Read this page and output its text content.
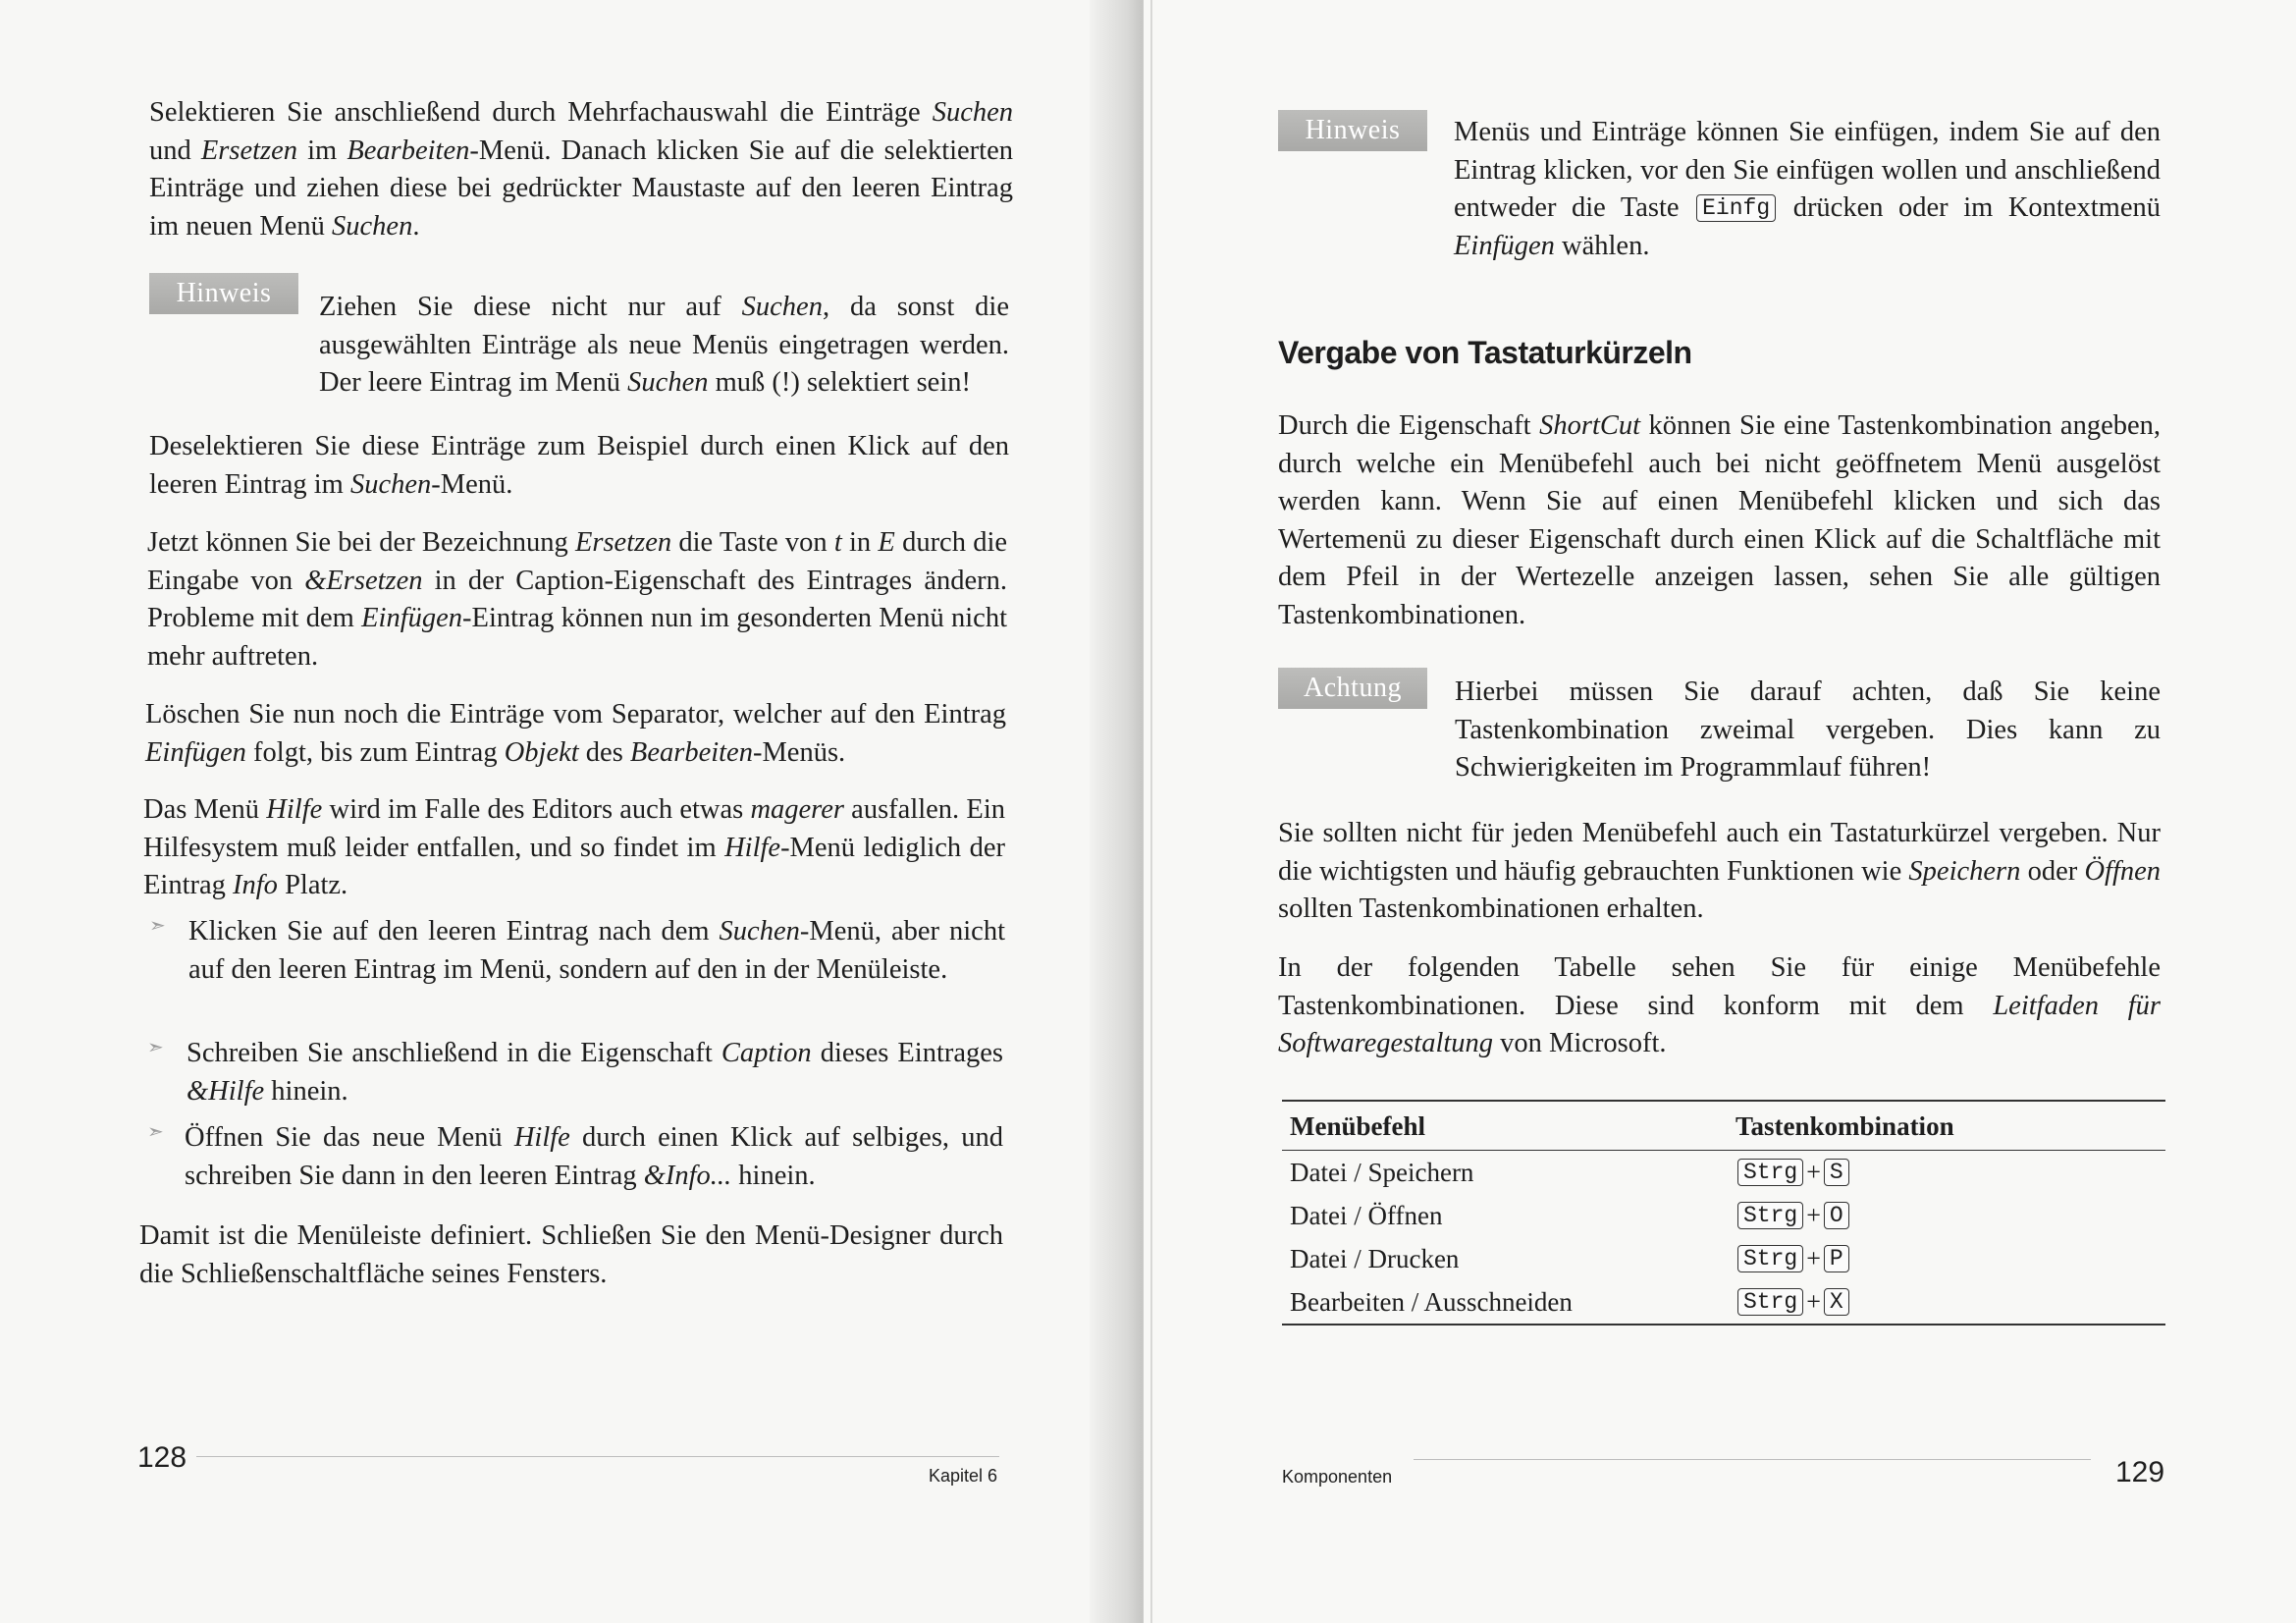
Selektieren Sie anschließend durch Mehrfachauswahl die Einträge Suchen und Ersetzen im Bearbeiten-Menü. Danach klicken Sie auf die selektierten Einträge und ziehen diese bei gedrückter Maustaste auf den leeren Eintrag im neuen Menü Suchen.

Hinweis	Ziehen Sie diese nicht nur auf Suchen, da sonst die ausgewählten Einträge als neue Menüs eingetragen werden. Der leere Eintrag im Menü Suchen muß (!) selektiert sein!

Deselektieren Sie diese Einträge zum Beispiel durch einen Klick auf den leeren Eintrag im Suchen-Menü.

Jetzt können Sie bei der Bezeichnung Ersetzen die Taste von t in E durch die Eingabe von &Ersetzen in der Caption-Eigenschaft des Eintrages ändern. Probleme mit dem Einfügen-Eintrag können nun im gesonderten Menü nicht mehr auftreten.

Löschen Sie nun noch die Einträge vom Separator, welcher auf den Eintrag Einfügen folgt, bis zum Eintrag Objekt des Bearbeiten-Menüs.

Das Menü Hilfe wird im Falle des Editors auch etwas magerer ausfallen. Ein Hilfesystem muß leider entfallen, und so findet im Hilfe-Menü lediglich der Eintrag Info Platz.

➣ Klicken Sie auf den leeren Eintrag nach dem Suchen-Menü, aber nicht auf den leeren Eintrag im Menü, sondern auf den in der Menüleiste.

➣ Schreiben Sie anschließend in die Eigenschaft Caption dieses Eintrages &Hilfe hinein.

➣ Öffnen Sie das neue Menü Hilfe durch einen Klick auf selbiges, und schreiben Sie dann in den leeren Eintrag &Info... hinein.

Damit ist die Menüleiste definiert. Schließen Sie den Menü-Designer durch die Schließenschaltfläche seines Fensters.

128
Kapitel 6
Hinweis	Menüs und Einträge können Sie einfügen, indem Sie auf den Eintrag klicken, vor den Sie einfügen wollen und anschließend entweder die Taste Einfg drücken oder im Kontextmenü Einfügen wählen.

Vergabe von Tastaturkürzeln

Durch die Eigenschaft ShortCut können Sie eine Tastenkombination angeben, durch welche ein Menübefehl auch bei nicht geöffnetem Menü ausgelöst werden kann. Wenn Sie auf einen Menübefehl klicken und sich das Wertemenü zu dieser Eigenschaft durch einen Klick auf die Schaltfläche mit dem Pfeil in der Wertezelle anzeigen lassen, sehen Sie alle gültigen Tastenkombinationen.

Achtung	Hierbei müssen Sie darauf achten, daß Sie keine Tastenkombination zweimal vergeben. Dies kann zu Schwierigkeiten im Programmlauf führen!

Sie sollten nicht für jeden Menübefehl auch ein Tastaturkürzel vergeben. Nur die wichtigsten und häufig gebrauchten Funktionen wie Speichern oder Öffnen sollten Tastenkombinationen erhalten.

In der folgenden Tabelle sehen Sie für einige Menübefehle Tastenkombinationen. Diese sind konform mit dem Leitfaden für Softwaregestaltung von Microsoft.

Menübefehl	Tastenkombination
Datei / Speichern	Strg + S
Datei / Öffnen	Strg + O
Datei / Drucken	Strg + P
Bearbeiten / Ausschneiden	Strg + X
Komponenten	129
